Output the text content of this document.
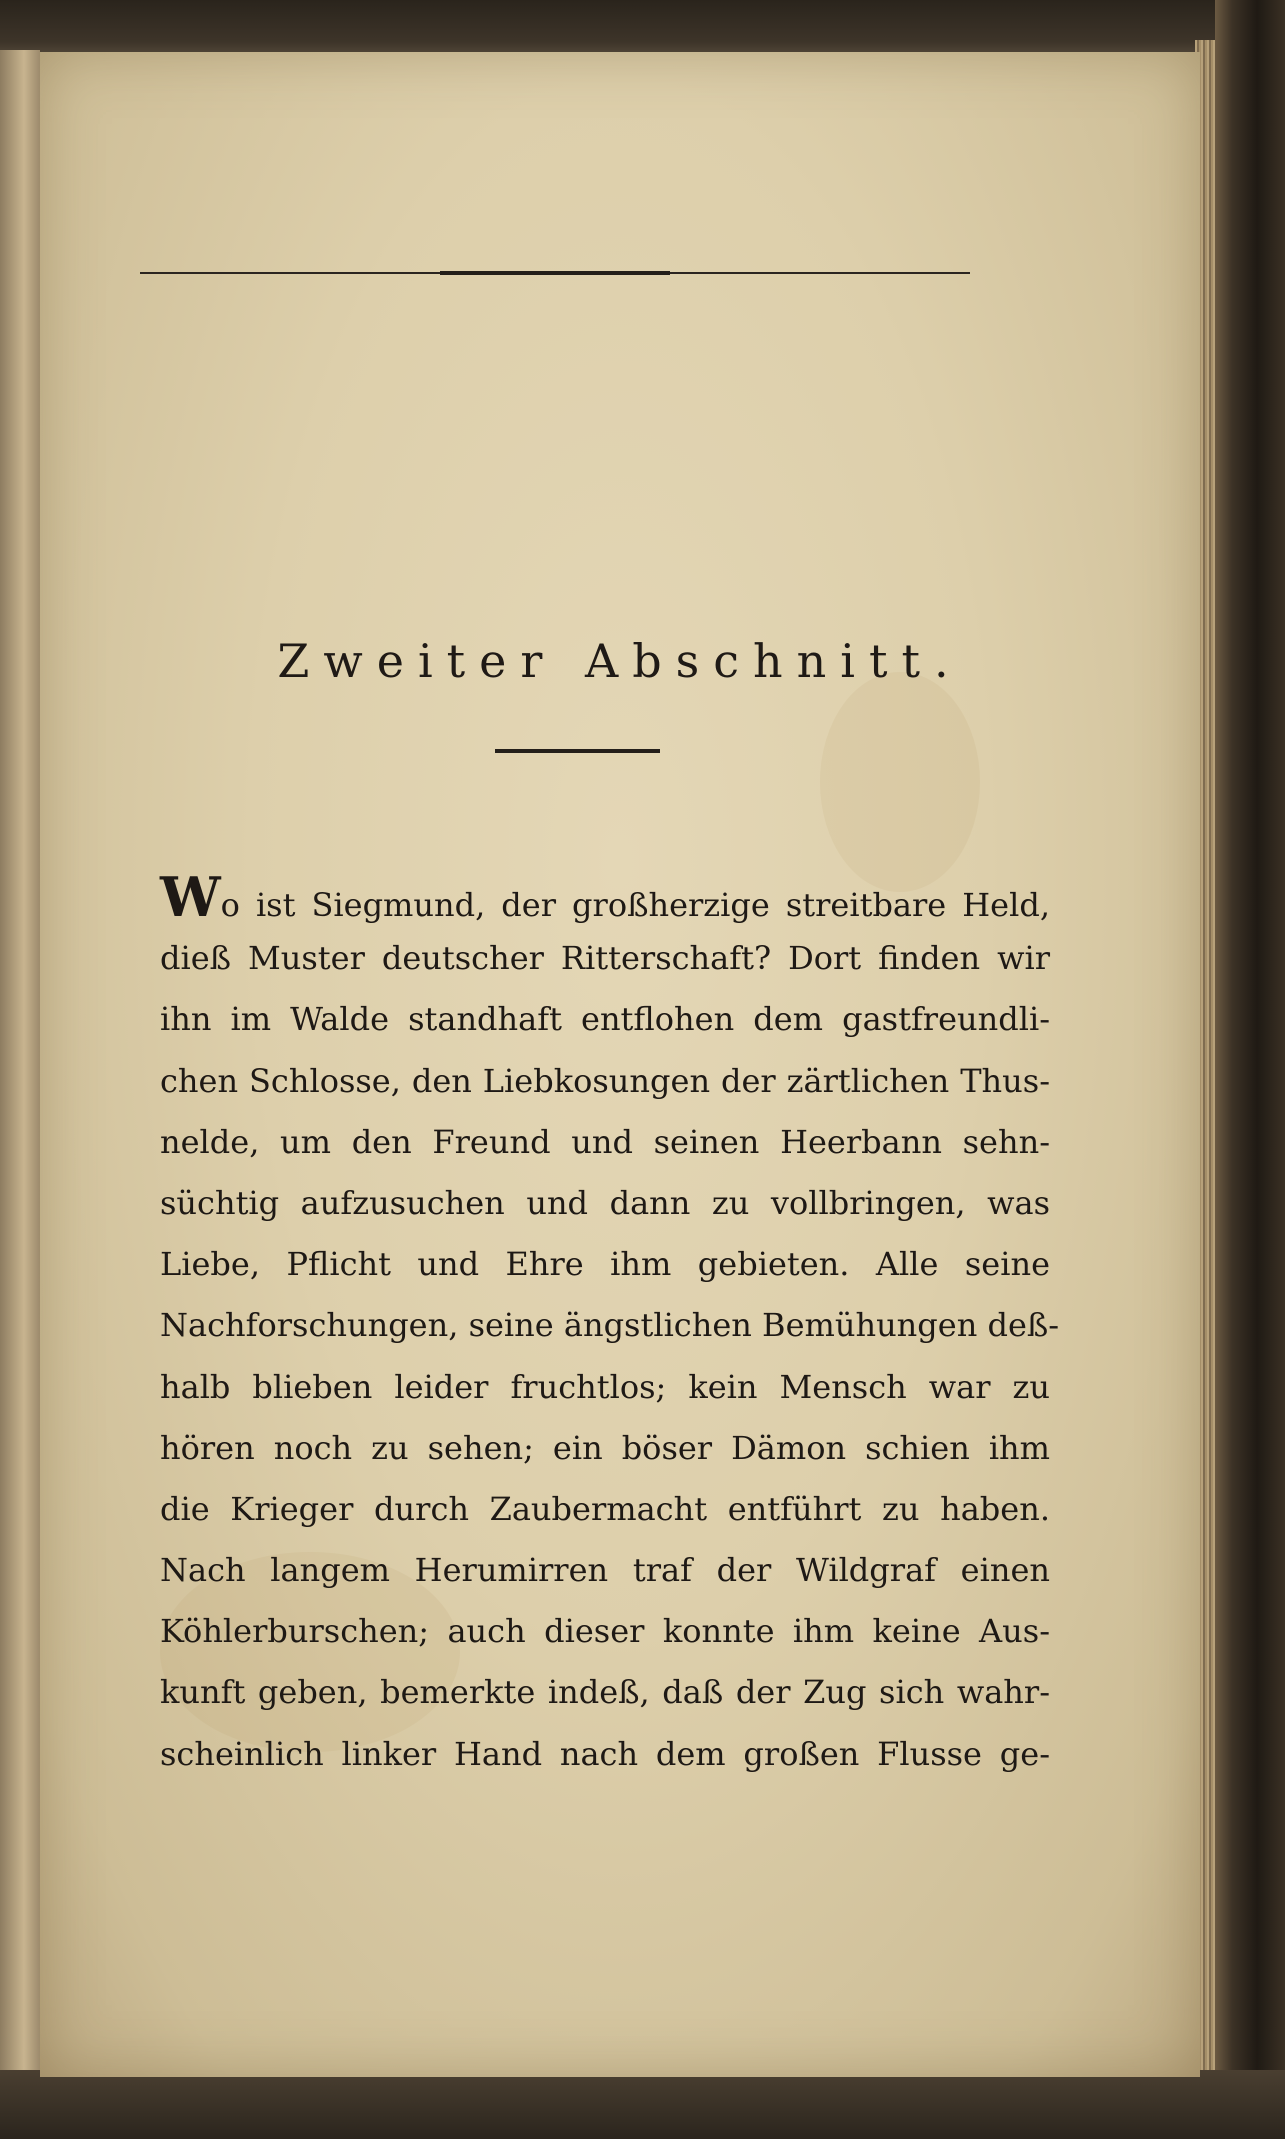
Zweiter Abschnitt.
Wo ist Siegmund, der großherzige streitbare Held,
dieß Muster deutscher Ritterschaft? Dort finden wir
ihn im Walde standhaft entflohen dem gastfreundli-
chen Schlosse, den Liebkosungen der zärtlichen Thus-
nelde, um den Freund und seinen Heerbann sehn-
süchtig aufzusuchen und dann zu vollbringen, was
Liebe, Pflicht und Ehre ihm gebieten. Alle seine
Nachforschungen, seine ängstlichen Bemühungen deß-
halb blieben leider fruchtlos; kein Mensch war zu
hören noch zu sehen; ein böser Dämon schien ihm
die Krieger durch Zaubermacht entführt zu haben.
Nach langem Herumirren traf der Wildgraf einen
Köhlerburschen; auch dieser konnte ihm keine Aus-
kunft geben, bemerkte indeß, daß der Zug sich wahr-
scheinlich linker Hand nach dem großen Flusse ge-
